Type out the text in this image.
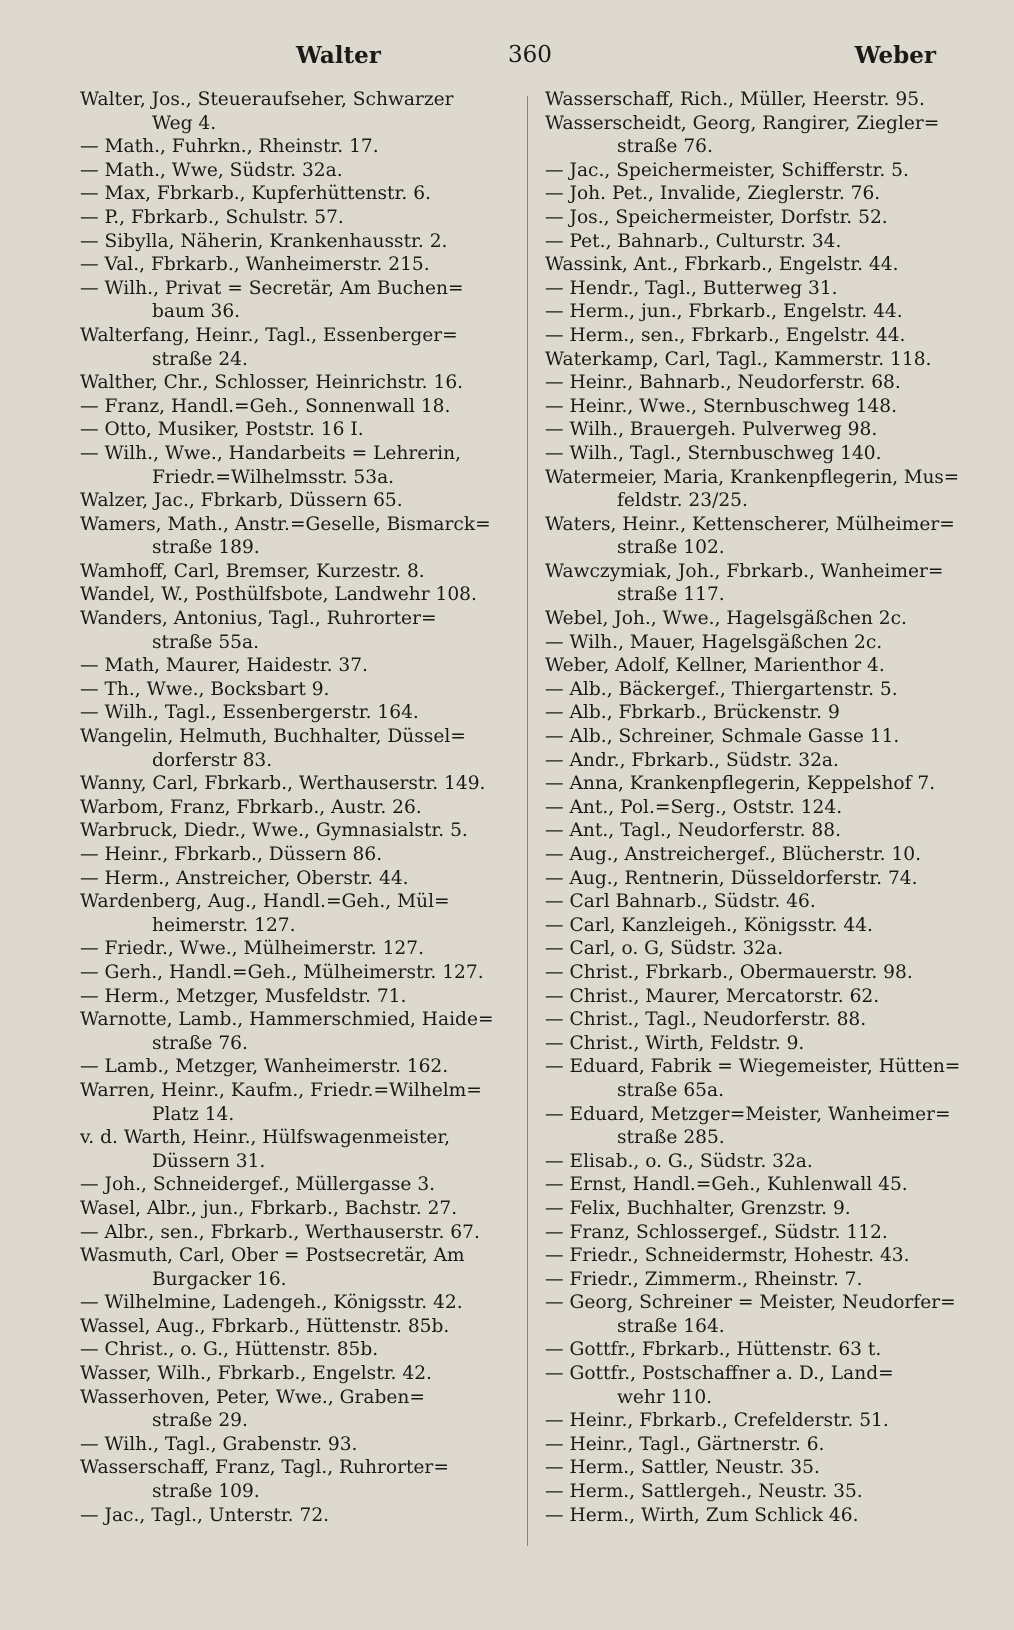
Walter	360	Weber
Walter, Jos., Steueraufseher, Schwarzer
Weg 4.
— Math., Fuhrkn., Rheinstr. 17.
— Math., Wwe, Südstr. 32a.
— Max, Fbrkarb., Kupferhüttenstr. 6.
— P., Fbrkarb., Schulstr. 57.
— Sibylla, Näherin, Krankenhausstr. 2.
— Val., Fbrkarb., Wanheimerstr. 215.
— Wilh., Privat = Secretär, Am Buchen=
baum 36.
Walterfang, Heinr., Tagl., Essenberger=
straße 24.
Walther, Chr., Schlosser, Heinrichstr. 16.
— Franz, Handl.=Geh., Sonnenwall 18.
— Otto, Musiker, Poststr. 16 I.
— Wilh., Wwe., Handarbeits = Lehrerin,
Friedr.=Wilhelmsstr. 53a.
Walzer, Jac., Fbrkarb, Düssern 65.
Wamers, Math., Anstr.=Geselle, Bismarck=
straße 189.
Wamhoff, Carl, Bremser, Kurzestr. 8.
Wandel, W., Posthülfsbote, Landwehr 108.
Wanders, Antonius, Tagl., Ruhrorter=
straße 55a.
— Math, Maurer, Haidestr. 37.
— Th., Wwe., Bocksbart 9.
— Wilh., Tagl., Essenbergerstr. 164.
Wangelin, Helmuth, Buchhalter, Düssel=
dorferstr 83.
Wanny, Carl, Fbrkarb., Werthauserstr. 149.
Warbom, Franz, Fbrkarb., Austr. 26.
Warbruck, Diedr., Wwe., Gymnasialstr. 5.
— Heinr., Fbrkarb., Düssern 86.
— Herm., Anstreicher, Oberstr. 44.
Wardenberg, Aug., Handl.=Geh., Mül=
heimerstr. 127.
— Friedr., Wwe., Mülheimerstr. 127.
— Gerh., Handl.=Geh., Mülheimerstr. 127.
— Herm., Metzger, Musfeldstr. 71.
Warnotte, Lamb., Hammerschmied, Haide=
straße 76.
— Lamb., Metzger, Wanheimerstr. 162.
Warren, Heinr., Kaufm., Friedr.=Wilhelm=
Platz 14.
v. d. Warth, Heinr., Hülfswagenmeister,
Düssern 31.
— Joh., Schneidergef., Müllergasse 3.
Wasel, Albr., jun., Fbrkarb., Bachstr. 27.
— Albr., sen., Fbrkarb., Werthauserstr. 67.
Wasmuth, Carl, Ober = Postsecretär, Am
Burgacker 16.
— Wilhelmine, Ladengeh., Königsstr. 42.
Wassel, Aug., Fbrkarb., Hüttenstr. 85b.
— Christ., o. G., Hüttenstr. 85b.
Wasser, Wilh., Fbrkarb., Engelstr. 42.
Wasserhoven, Peter, Wwe., Graben=
straße 29.
— Wilh., Tagl., Grabenstr. 93.
Wasserschaff, Franz, Tagl., Ruhrorter=
straße 109.
— Jac., Tagl., Unterstr. 72.
Wasserschaff, Rich., Müller, Heerstr. 95.
Wasserscheidt, Georg, Rangirer, Ziegler=
straße 76.
— Jac., Speichermeister, Schifferstr. 5.
— Joh. Pet., Invalide, Zieglerstr. 76.
— Jos., Speichermeister, Dorfstr. 52.
— Pet., Bahnarb., Culturstr. 34.
Wassink, Ant., Fbrkarb., Engelstr. 44.
— Hendr., Tagl., Butterweg 31.
— Herm., jun., Fbrkarb., Engelstr. 44.
— Herm., sen., Fbrkarb., Engelstr. 44.
Waterkamp, Carl, Tagl., Kammerstr. 118.
— Heinr., Bahnarb., Neudorferstr. 68.
— Heinr., Wwe., Sternbuschweg 148.
— Wilh., Brauergeh. Pulverweg 98.
— Wilh., Tagl., Sternbuschweg 140.
Watermeier, Maria, Krankenpflegerin, Mus=
feldstr. 23/25.
Waters, Heinr., Kettenscherer, Mülheimer=
straße 102.
Wawczymiak, Joh., Fbrkarb., Wanheimer=
straße 117.
Webel, Joh., Wwe., Hagelsgäßchen 2c.
— Wilh., Mauer, Hagelsgäßchen 2c.
Weber, Adolf, Kellner, Marienthor 4.
— Alb., Bäckergef., Thiergartenstr. 5.
— Alb., Fbrkarb., Brückenstr. 9
— Alb., Schreiner, Schmale Gasse 11.
— Andr., Fbrkarb., Südstr. 32a.
— Anna, Krankenpflegerin, Keppelshof 7.
— Ant., Pol.=Serg., Oststr. 124.
— Ant., Tagl., Neudorferstr. 88.
— Aug., Anstreichergef., Blücherstr. 10.
— Aug., Rentnerin, Düsseldorferstr. 74.
— Carl Bahnarb., Südstr. 46.
— Carl, Kanzleigeh., Königsstr. 44.
— Carl, o. G, Südstr. 32a.
— Christ., Fbrkarb., Obermauerstr. 98.
— Christ., Maurer, Mercatorstr. 62.
— Christ., Tagl., Neudorferstr. 88.
— Christ., Wirth, Feldstr. 9.
— Eduard, Fabrik = Wiegemeister, Hütten=
straße 65a.
— Eduard, Metzger=Meister, Wanheimer=
straße 285.
— Elisab., o. G., Südstr. 32a.
— Ernst, Handl.=Geh., Kuhlenwall 45.
— Felix, Buchhalter, Grenzstr. 9.
— Franz, Schlossergef., Südstr. 112.
— Friedr., Schneidermstr, Hohestr. 43.
— Friedr., Zimmerm., Rheinstr. 7.
— Georg, Schreiner = Meister, Neudorfer=
straße 164.
— Gottfr., Fbrkarb., Hüttenstr. 63 t.
— Gottfr., Postschaffner a. D., Land=
wehr 110.
— Heinr., Fbrkarb., Crefelderstr. 51.
— Heinr., Tagl., Gärtnerstr. 6.
— Herm., Sattler, Neustr. 35.
— Herm., Sattlergeh., Neustr. 35.
— Herm., Wirth, Zum Schlick 46.
